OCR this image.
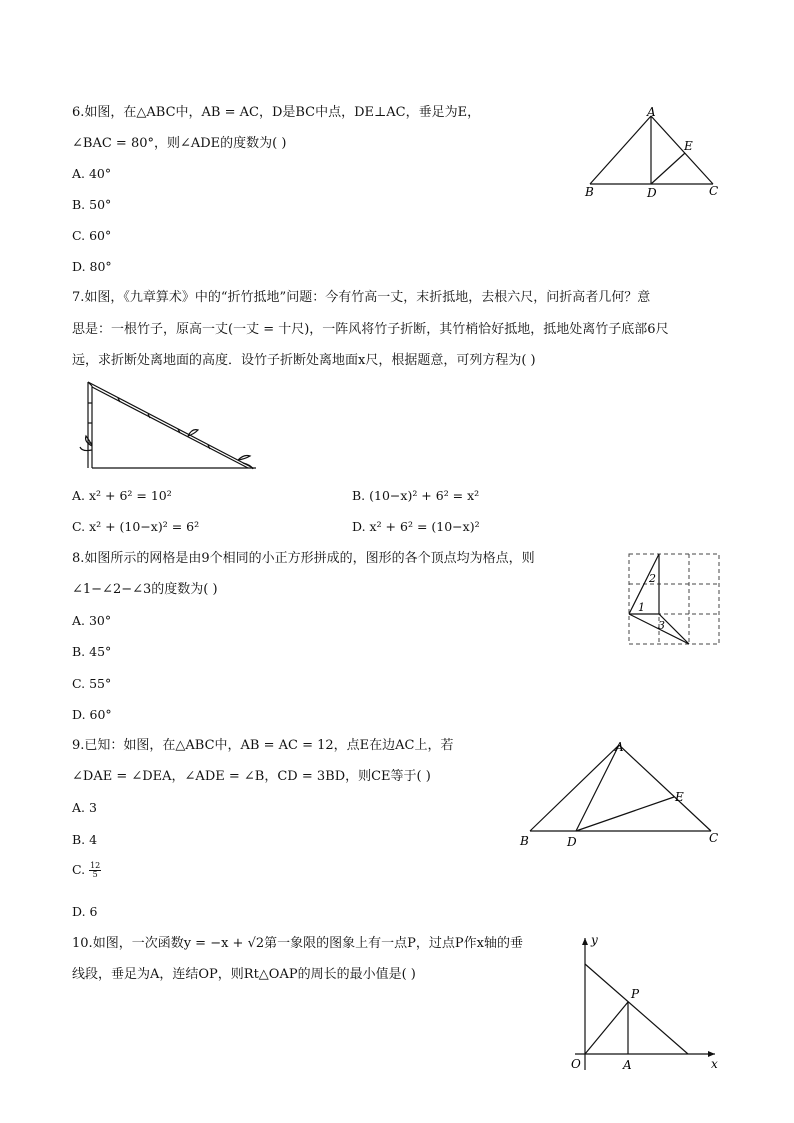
6.如图，在△ABC中，AB = AC，D是BC中点，DE⊥AC，垂足为E，
∠BAC = 80°，则∠ADE的度数为( )
A. 40°
B. 50°
C. 60°
D. 80°
A
B	C
D
E
7.如图，《九章算术》中的“折竹抵地”问题：今有竹高一丈，末折抵地，去根六尺，问折高者几何？意
思是：一根竹子，原高一丈(一丈 = 十尺)，一阵风将竹子折断，其竹梢恰好抵地，抵地处离竹子底部6尺
远，求折断处离地面的高度．设竹子折断处离地面x尺，根据题意，可列方程为( )
A. x² + 6² = 10²	B. (10−x)² + 6² = x²
C. x² + (10−x)² = 6²	D. x² + 6² = (10−x)²
8.如图所示的网格是由9个相同的小正方形拼成的，图形的各个顶点均为格点，则
∠1−∠2−∠3的度数为( )
A. 30°
B. 45°
C. 55°
D. 60°
2
1
3
9.已知：如图，在△ABC中，AB = AC = 12，点E在边AC上，若
∠DAE = ∠DEA，∠ADE = ∠B，CD = 3BD，则CE等于( )
A. 3
B. 4
C. $\frac{12}{5}$
D. 6
A
B	C
D
E
10.如图，一次函数y = −x + √2第一象限的图象上有一点P，过点P作x轴的垂
线段，垂足为A，连结OP，则Rt△OAP的周长的最小值是( )
y
x
O	A
P
